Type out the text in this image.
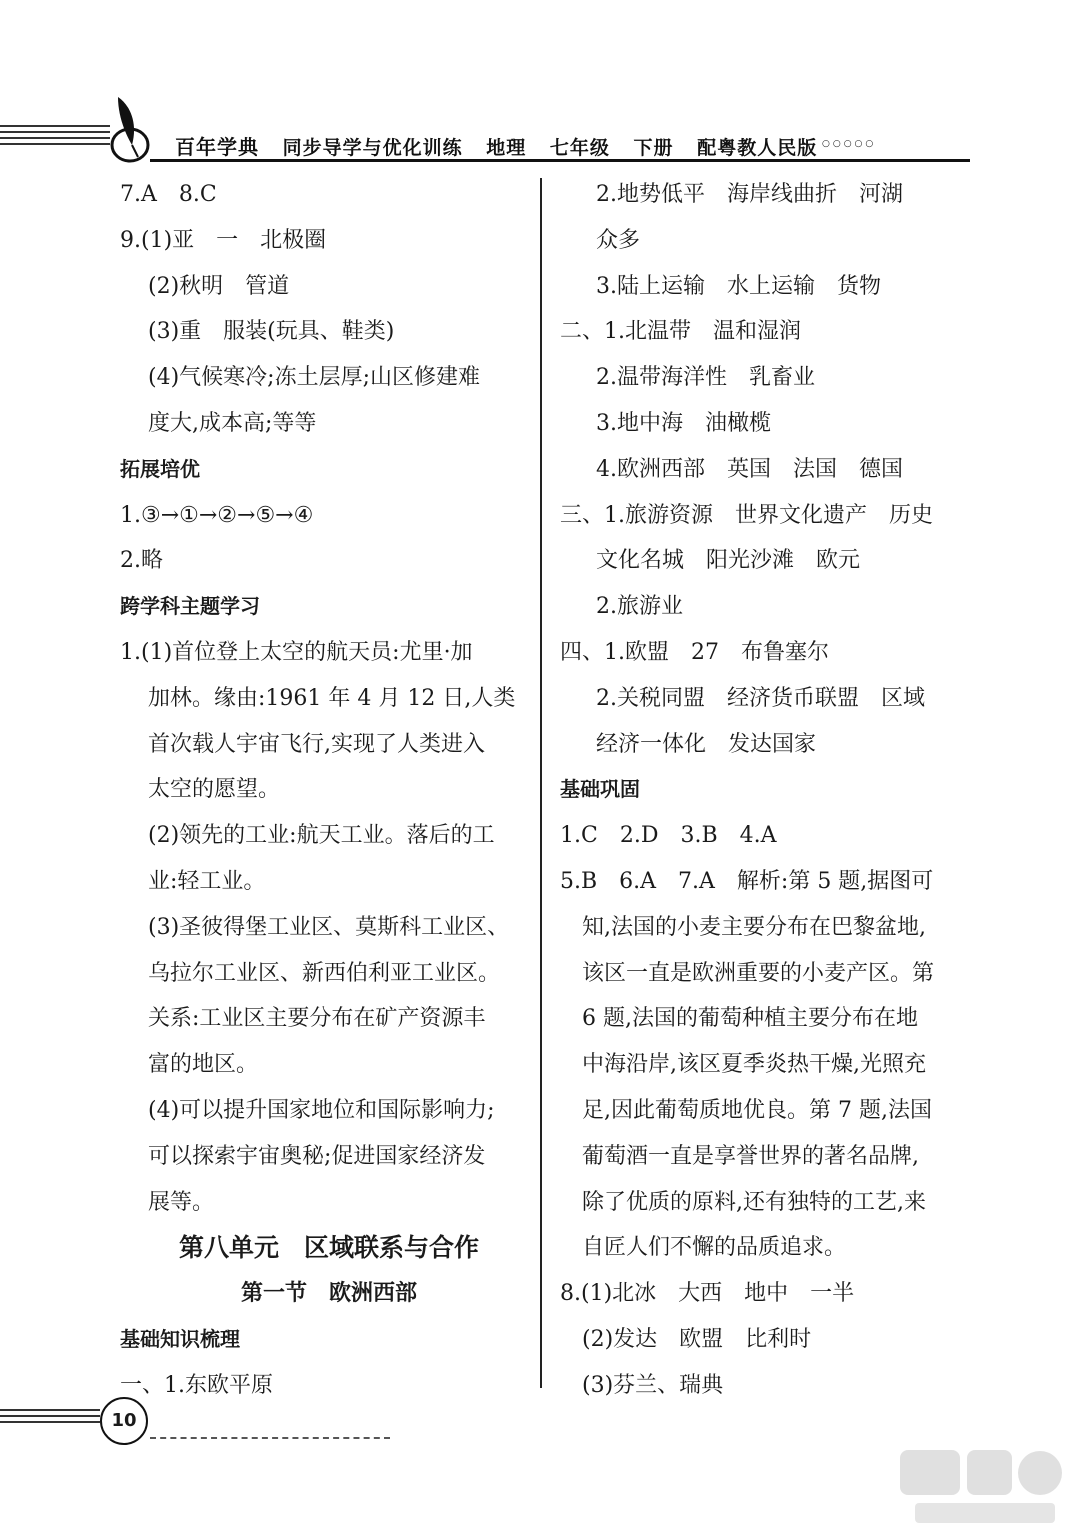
百年学典 同步导学与优化训练 地理 七年级 下册 配粤教人民版 ○○○○○
7.A　8.C
9.(1)亚　一　北极圈
(2)秋明　管道
(3)重　服装(玩具、鞋类)
(4)气候寒冷;冻土层厚;山区修建难
度大,成本高;等等
拓展培优
1.③→①→②→⑤→④
2.略
跨学科主题学习
1.(1)首位登上太空的航天员:尤里·加
加林。缘由:1961 年 4 月 12 日,人类
首次载人宇宙飞行,实现了人类进入
太空的愿望。
(2)领先的工业:航天工业。落后的工
业:轻工业。
(3)圣彼得堡工业区、莫斯科工业区、
乌拉尔工业区、新西伯利亚工业区。
关系:工业区主要分布在矿产资源丰
富的地区。
(4)可以提升国家地位和国际影响力;
可以探索宇宙奥秘;促进国家经济发
展等。
第八单元　区域联系与合作
第一节　欧洲西部
基础知识梳理
一、1.东欧平原
2.地势低平　海岸线曲折　河湖
众多
3.陆上运输　水上运输　货物
二、1.北温带　温和湿润
2.温带海洋性　乳畜业
3.地中海　油橄榄
4.欧洲西部　英国　法国　德国
三、1.旅游资源　世界文化遗产　历史
文化名城　阳光沙滩　欧元
2.旅游业
四、1.欧盟　27　布鲁塞尔
2.关税同盟　经济货币联盟　区域
经济一体化　发达国家
基础巩固
1.C　2.D　3.B　4.A
5.B　6.A　7.A　解析:第 5 题,据图可
知,法国的小麦主要分布在巴黎盆地,
该区一直是欧洲重要的小麦产区。第
6 题,法国的葡萄种植主要分布在地
中海沿岸,该区夏季炎热干燥,光照充
足,因此葡萄质地优良。第 7 题,法国
葡萄酒一直是享誉世界的著名品牌,
除了优质的原料,还有独特的工艺,来
自匠人们不懈的品质追求。
8.(1)北冰　大西　地中　一半
(2)发达　欧盟　比利时
(3)芬兰、瑞典
10
